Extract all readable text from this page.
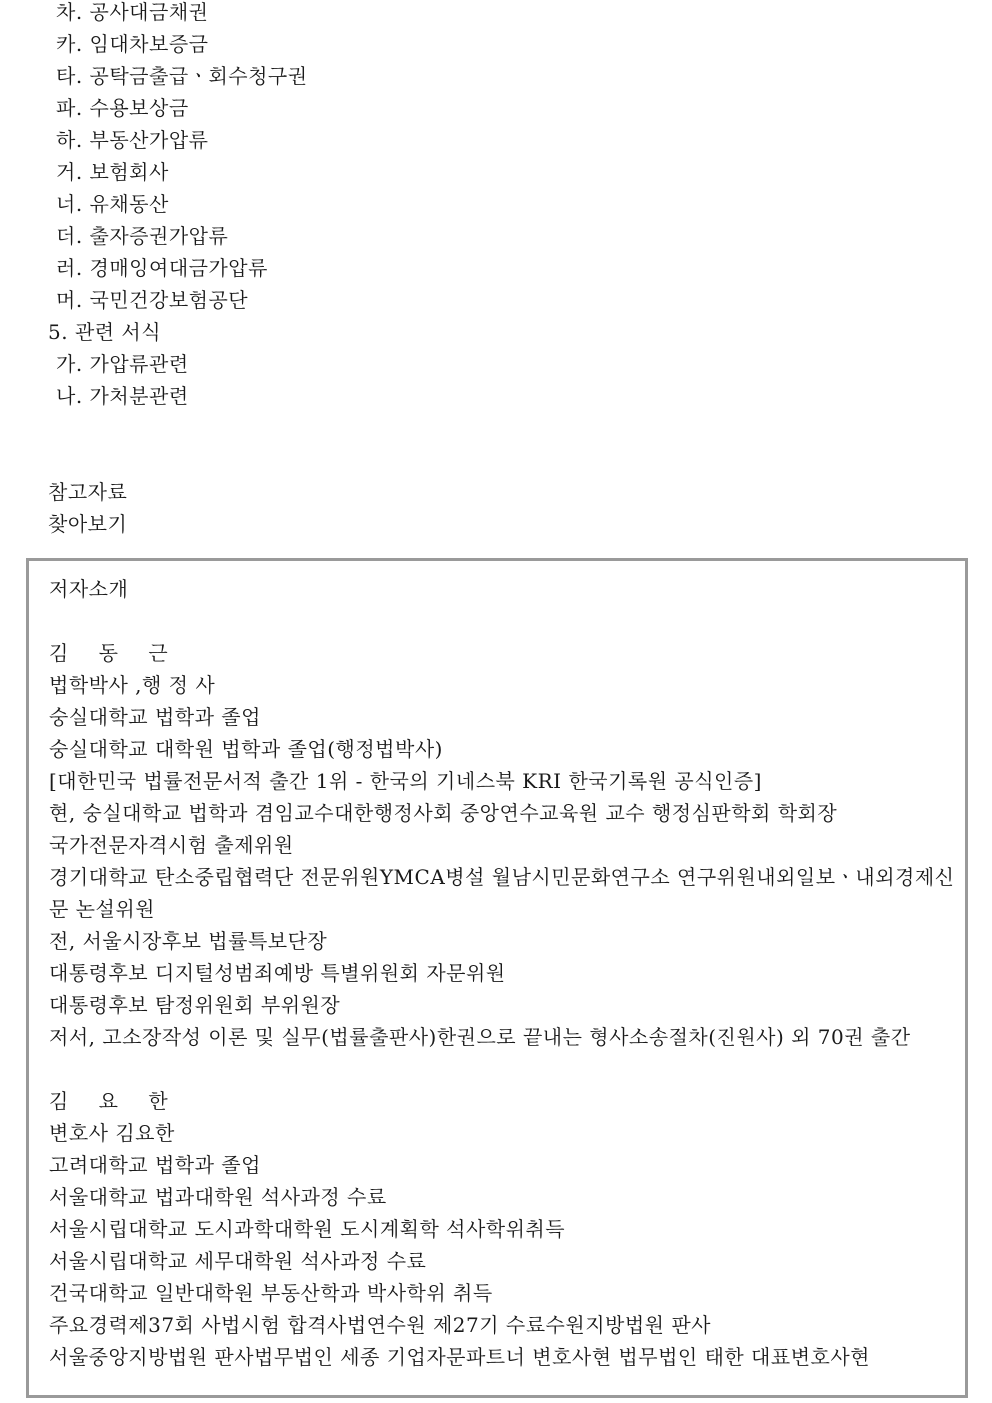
차. 공사대금채권
카. 임대차보증금
타. 공탁금출급ㆍ회수청구권
파. 수용보상금
하. 부동산가압류
거. 보험회사
너. 유채동산
더. 출자증권가압류
러. 경매잉여대금가압류
머. 국민건강보험공단
5. 관련 서식
가. 가압류관련
나. 가처분관련
참고자료
찾아보기
저자소개
김 동 근
법학박사 ,행 정 사
숭실대학교 법학과 졸업
숭실대학교 대학원 법학과 졸업(행정법박사)
[대한민국 법률전문서적 출간 1위 - 한국의 기네스북 KRI 한국기록원 공식인증]
현, 숭실대학교 법학과 겸임교수대한행정사회 중앙연수교육원 교수 행정심판학회 학회장
국가전문자격시험 출제위원
경기대학교 탄소중립협력단 전문위원YMCA병설 월남시민문화연구소 연구위원내외일보ㆍ내외경제신
문 논설위원
전, 서울시장후보 법률특보단장
대통령후보 디지털성범죄예방 특별위원회 자문위원
대통령후보 탐정위원회 부위원장
저서, 고소장작성 이론 및 실무(법률출판사)한권으로 끝내는 형사소송절차(진원사) 외 70권 출간
김 요 한
변호사 김요한
고려대학교 법학과 졸업
서울대학교 법과대학원 석사과정 수료
서울시립대학교 도시과학대학원 도시계획학 석사학위취득
서울시립대학교 세무대학원 석사과정 수료
건국대학교 일반대학원 부동산학과 박사학위 취득
주요경력제37회 사법시험 합격사법연수원 제27기 수료수원지방법원 판사
서울중앙지방법원 판사법무법인 세종 기업자문파트너 변호사현 법무법인 태한 대표변호사현
